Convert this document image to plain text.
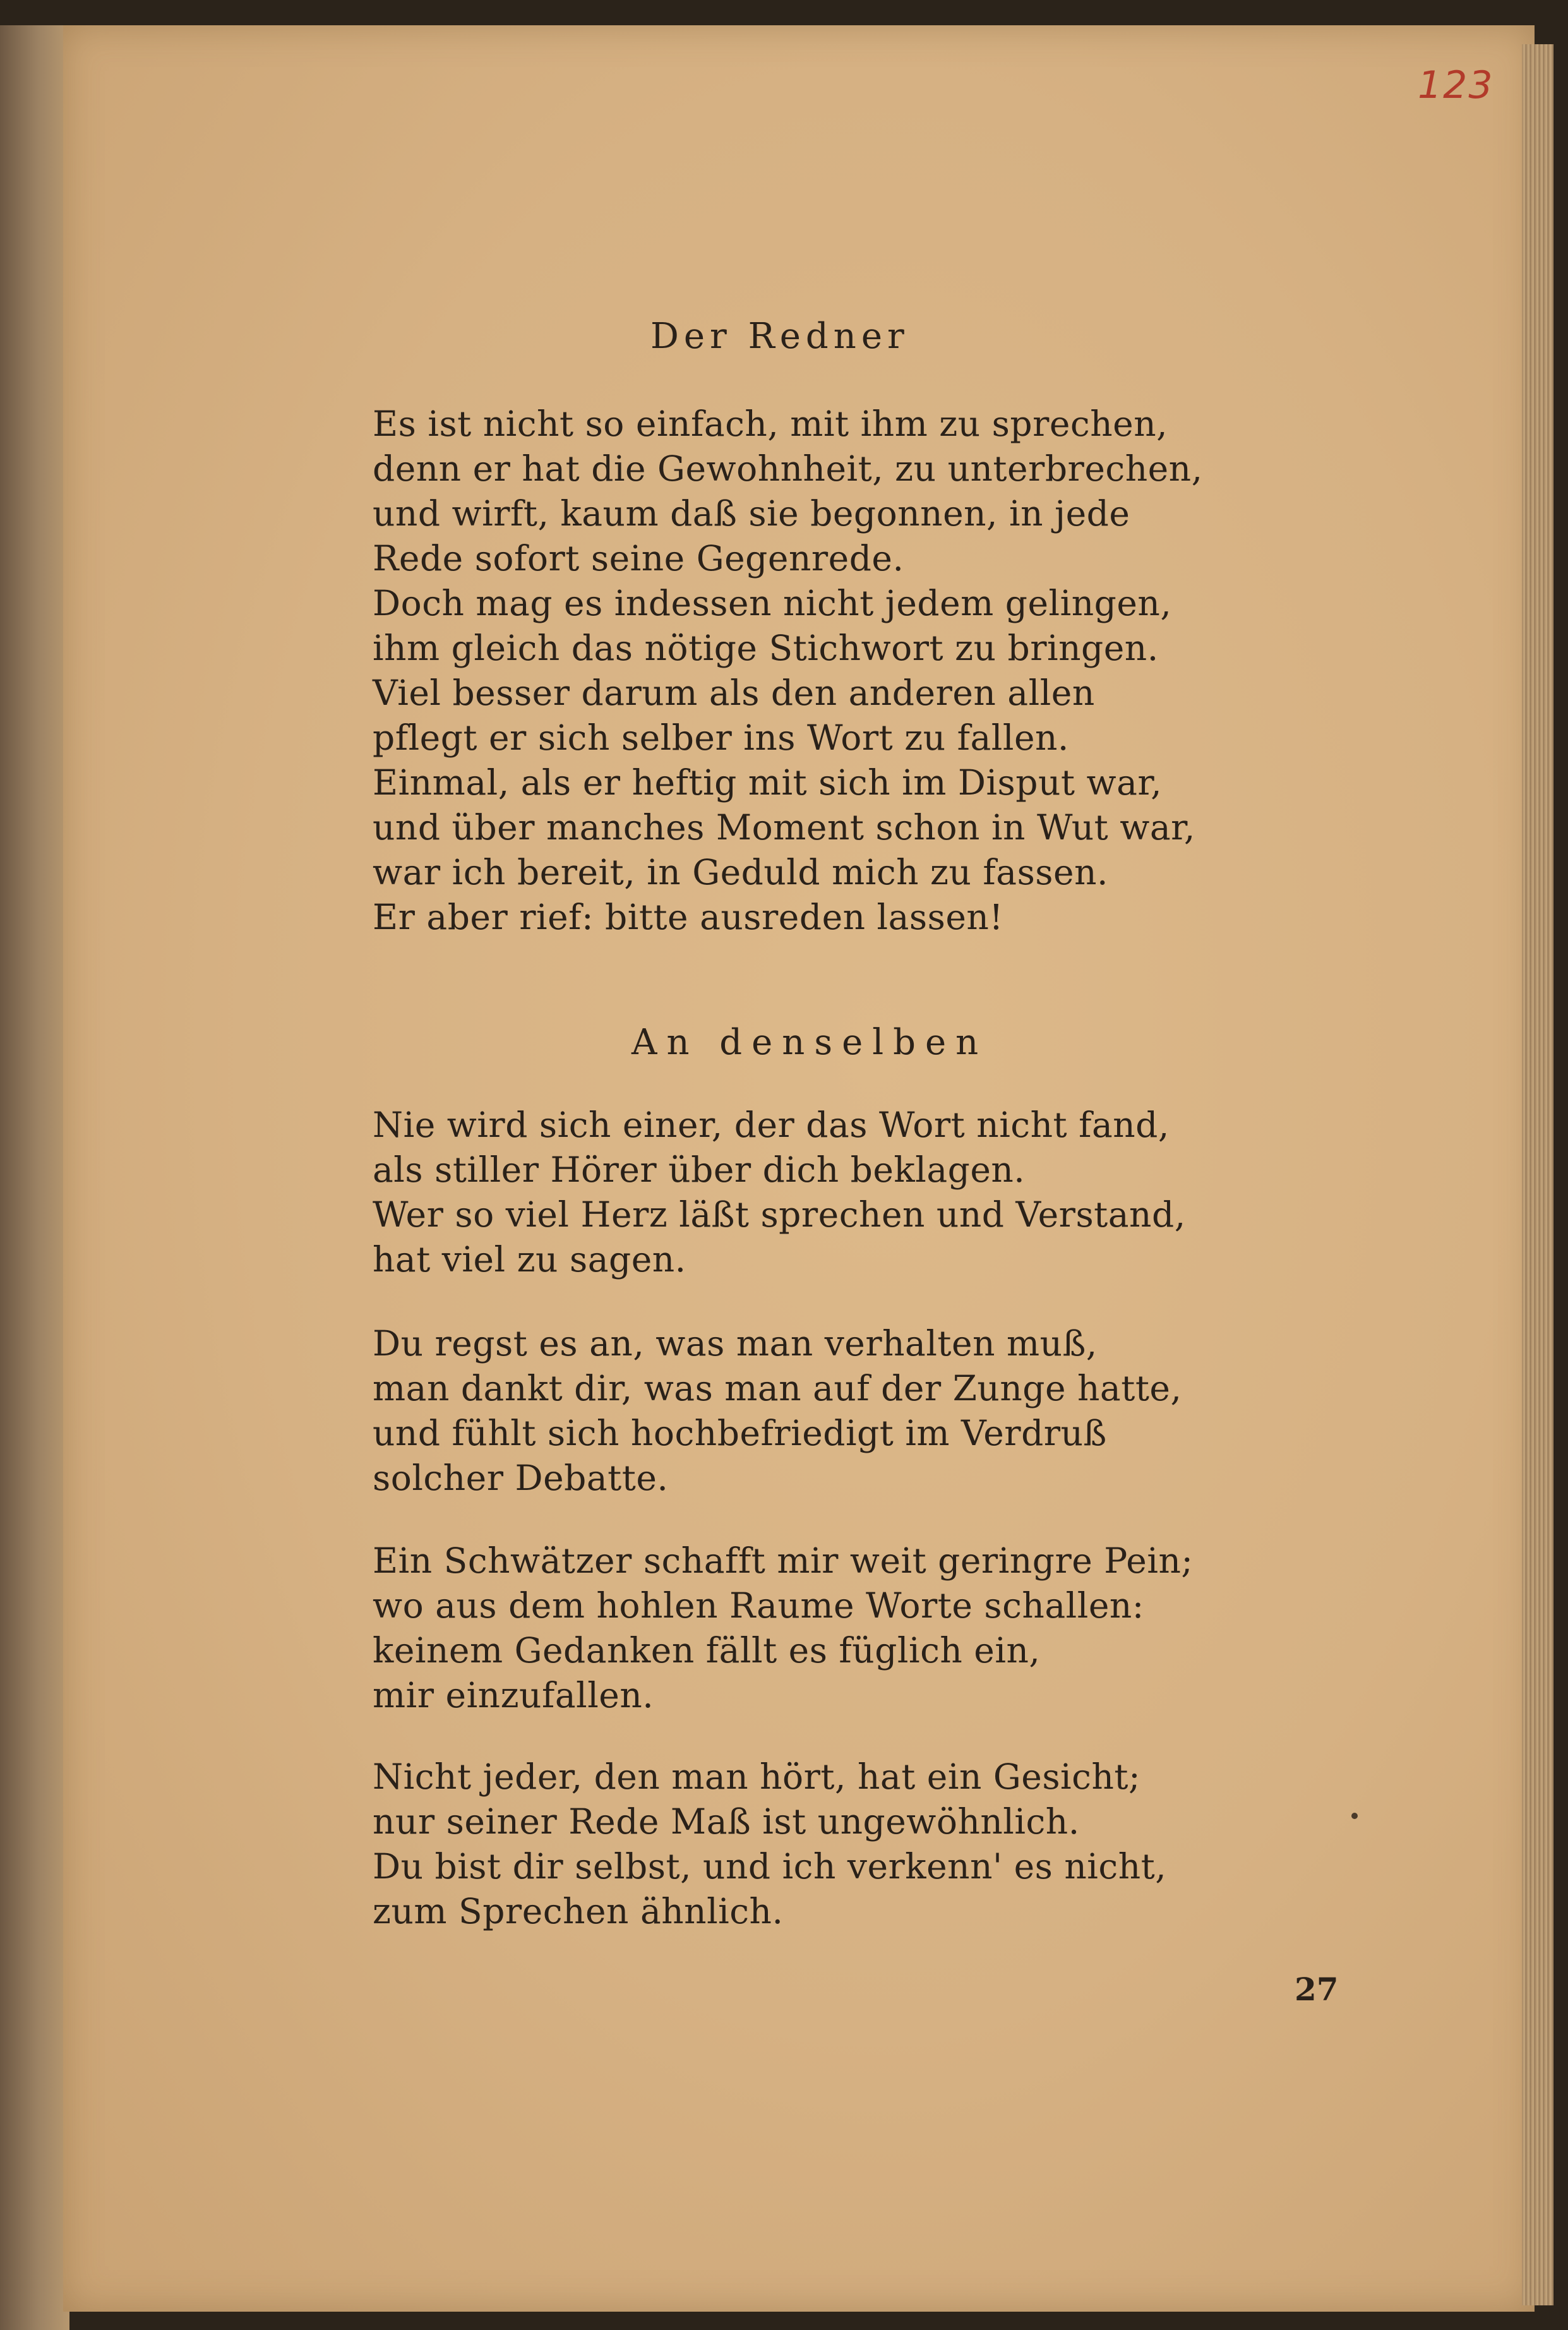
123
Der Redner
Es ist nicht so einfach, mit ihm zu sprechen,
denn er hat die Gewohnheit, zu unterbrechen,
und wirft, kaum daß sie begonnen, in jede
Rede sofort seine Gegenrede.
Doch mag es indessen nicht jedem gelingen,
ihm gleich das nötige Stichwort zu bringen.
Viel besser darum als den anderen allen
pflegt er sich selber ins Wort zu fallen.
Einmal, als er heftig mit sich im Disput war,
und über manches Moment schon in Wut war,
war ich bereit, in Geduld mich zu fassen.
Er aber rief: bitte ausreden lassen!
An denselben
Nie wird sich einer, der das Wort nicht fand,
als stiller Hörer über dich beklagen.
Wer so viel Herz läßt sprechen und Verstand,
hat viel zu sagen.
Du regst es an, was man verhalten muß,
man dankt dir, was man auf der Zunge hatte,
und fühlt sich hochbefriedigt im Verdruß
solcher Debatte.
Ein Schwätzer schafft mir weit geringre Pein;
wo aus dem hohlen Raume Worte schallen:
keinem Gedanken fällt es füglich ein,
mir einzufallen.
Nicht jeder, den man hört, hat ein Gesicht;
nur seiner Rede Maß ist ungewöhnlich.
Du bist dir selbst, und ich verkenn' es nicht,
zum Sprechen ähnlich.
27
